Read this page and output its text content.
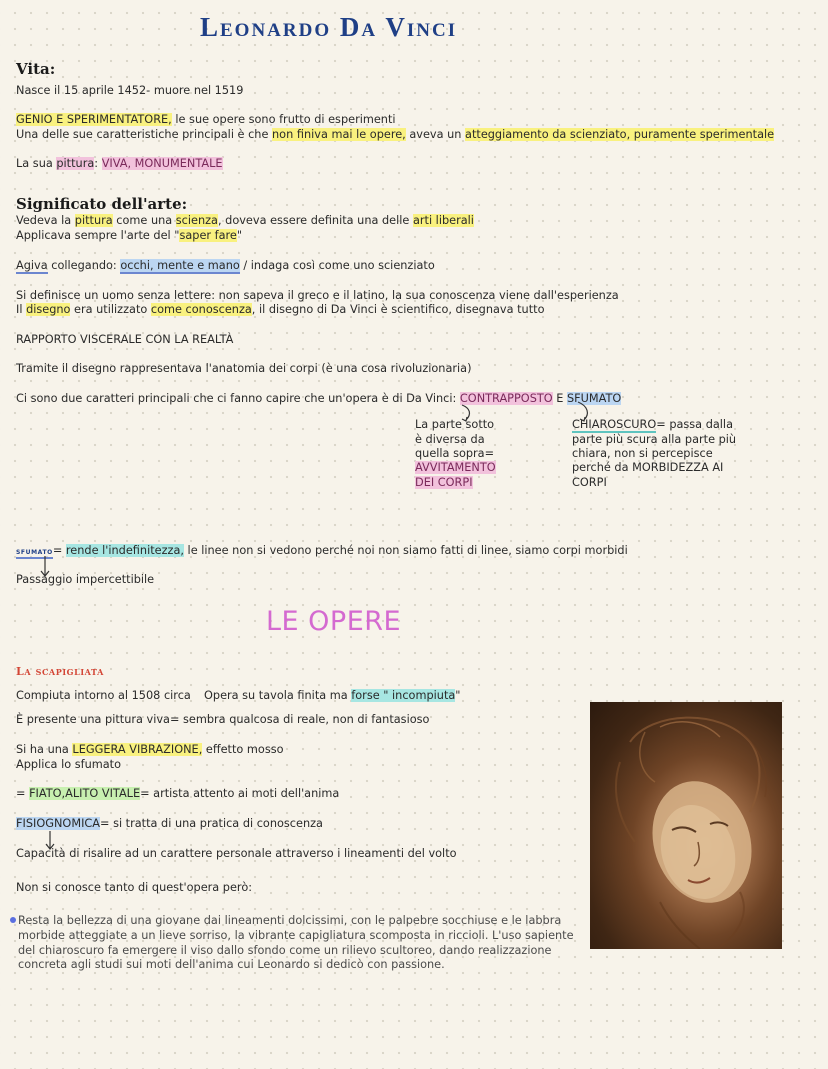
Leonardo Da Vinci
Vita:
Nasce il 15 aprile 1452- muore nel 1519
GENIO E SPERIMENTATORE, le sue opere sono frutto di esperimenti
Una delle sue caratteristiche principali è che non finiva mai le opere, aveva un atteggiamento da scienziato, puramente sperimentale
La sua pittura: VIVA, MONUMENTALE
Significato dell'arte:
Vedeva la pittura come una scienza, doveva essere definita una delle arti liberali
Applicava sempre l'arte del "saper fare"
Agiva collegando: occhi, mente e mano / indaga così come uno scienziato
Si definisce un uomo senza lettere: non sapeva il greco e il latino, la sua conoscenza viene dall'esperienza
Il disegno era utilizzato come conoscenza, il disegno di Da Vinci è scientifico, disegnava tutto
RAPPORTO VISCERALE CON LA REALTÀ
Tramite il disegno rappresentava l'anatomia dei corpi (è una cosa rivoluzionaria)
Ci sono due caratteri principali che ci fanno capire che un'opera è di Da Vinci: CONTRAPPOSTO E SFUMATO
La parte sotto
è diversa da
quella sopra=
AVVITAMENTO
DEI CORPI
CHIAROSCURO= passa dalla
parte più scura alla parte più
chiara, non si percepisce
perché da MORBIDEZZA AI
CORPI
sfumato= rende l'indefinitezza, le linee non si vedono perché noi non siamo fatti di linee, siamo corpi morbidi
Passaggio impercettibile
LE OPERE
La scapigliata
Compiuta intorno al 1508 circa Opera su tavola finita ma forse " incompiuta"
È presente una pittura viva= sembra qualcosa di reale, non di fantasioso
Si ha una LEGGERA VIBRAZIONE, effetto mosso
Applica lo sfumato
= FIATO,ALITO VITALE= artista attento ai moti dell'anima
FISIOGNOMICA= si tratta di una pratica di conoscenza
Capacità di risalire ad un carattere personale attraverso i lineamenti del volto
Non si conosce tanto di quest'opera però:
Resta la bellezza di una giovane dai lineamenti dolcissimi, con le palpebre socchiuse e le labbra morbide atteggiate a un lieve sorriso, la vibrante capigliatura scomposta in riccioli. L'uso sapiente del chiaroscuro fa emergere il viso dallo sfondo come un rilievo scultoreo, dando realizzazione concreta agli studi sui moti dell'anima cui Leonardo si dedicò con passione.
